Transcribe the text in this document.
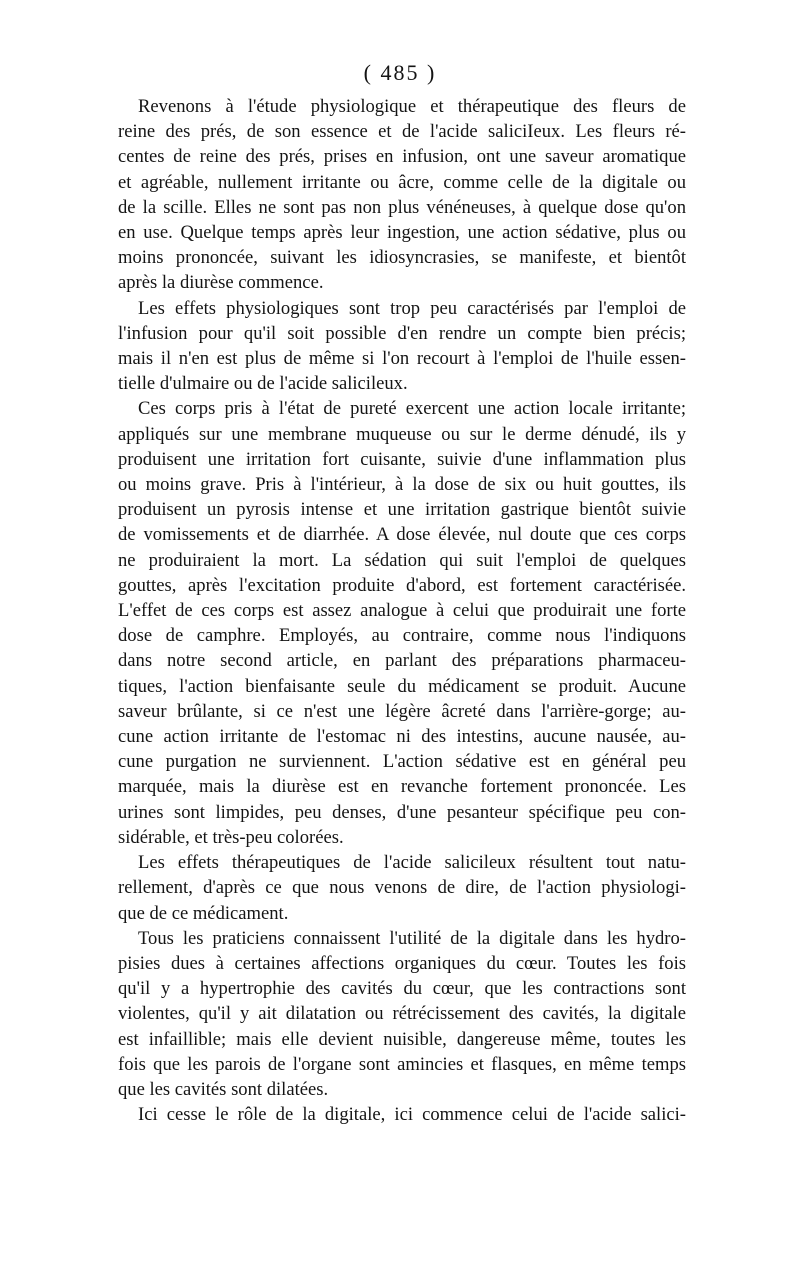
( 485 )

Revenons à l'étude physiologique et thérapeutique des fleurs de
reine des prés, de son essence et de l'acide saliciIeux. Les fleurs ré-
centes de reine des prés, prises en infusion, ont une saveur aromatique
et agréable, nullement irritante ou âcre, comme celle de la digitale ou
de la scille. Elles ne sont pas non plus vénéneuses, à quelque dose qu'on
en use. Quelque temps après leur ingestion, une action sédative, plus ou
moins prononcée, suivant les idiosyncrasies, se manifeste, et bientôt
après la diurèse commence.

Les effets physiologiques sont trop peu caractérisés par l'emploi de
l'infusion pour qu'il soit possible d'en rendre un compte bien précis;
mais il n'en est plus de même si l'on recourt à l'emploi de l'huile essen-
tielle d'ulmaire ou de l'acide salicileux.

Ces corps pris à l'état de pureté exercent une action locale irritante;
appliqués sur une membrane muqueuse ou sur le derme dénudé, ils y
produisent une irritation fort cuisante, suivie d'une inflammation plus
ou moins grave. Pris à l'intérieur, à la dose de six ou huit gouttes, ils
produisent un pyrosis intense et une irritation gastrique bientôt suivie
de vomissements et de diarrhée. A dose élevée, nul doute que ces corps
ne produiraient la mort. La sédation qui suit l'emploi de quelques
gouttes, après l'excitation produite d'abord, est fortement caractérisée.
L'effet de ces corps est assez analogue à celui que produirait une forte
dose de camphre. Employés, au contraire, comme nous l'indiquons
dans notre second article, en parlant des préparations pharmaceu-
tiques, l'action bienfaisante seule du médicament se produit. Aucune
saveur brûlante, si ce n'est une légère âcreté dans l'arrière-gorge; au-
cune action irritante de l'estomac ni des intestins, aucune nausée, au-
cune purgation ne surviennent. L'action sédative est en général peu
marquée, mais la diurèse est en revanche fortement prononcée. Les
urines sont limpides, peu denses, d'une pesanteur spécifique peu con-
sidérable, et très-peu colorées.

Les effets thérapeutiques de l'acide salicileux résultent tout natu-
rellement, d'après ce que nous venons de dire, de l'action physiologi-
que de ce médicament.

Tous les praticiens connaissent l'utilité de la digitale dans les hydro-
pisies dues à certaines affections organiques du cœur. Toutes les fois
qu'il y a hypertrophie des cavités du cœur, que les contractions sont
violentes, qu'il y ait dilatation ou rétrécissement des cavités, la digitale
est infaillible; mais elle devient nuisible, dangereuse même, toutes les
fois que les parois de l'organe sont amincies et flasques, en même temps
que les cavités sont dilatées.

Ici cesse le rôle de la digitale, ici commence celui de l'acide salici-
